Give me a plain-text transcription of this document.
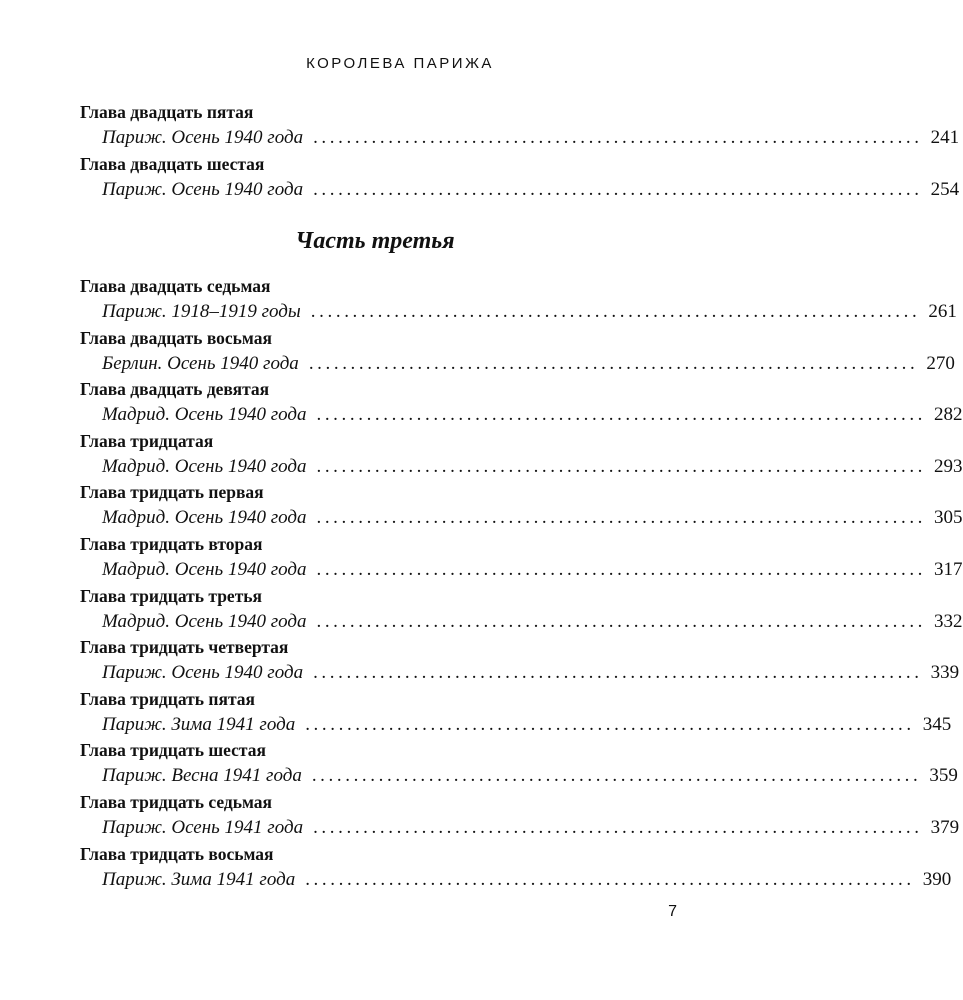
КОРОЛЕВА ПАРИЖА
Глава двадцать пятая
Париж. Осень 1940 года ......................................................................... 241
Глава двадцать шестая
Париж. Осень 1940 года ......................................................................... 254
Часть третья
Глава двадцать седьмая
Париж. 1918–1919 годы ......................................................................... 261
Глава двадцать восьмая
Берлин. Осень 1940 года ......................................................................... 270
Глава двадцать девятая
Мадрид. Осень 1940 года ......................................................................... 282
Глава тридцатая
Мадрид. Осень 1940 года ......................................................................... 293
Глава тридцать первая
Мадрид. Осень 1940 года ......................................................................... 305
Глава тридцать вторая
Мадрид. Осень 1940 года ......................................................................... 317
Глава тридцать третья
Мадрид. Осень 1940 года ......................................................................... 332
Глава тридцать четвертая
Париж. Осень 1940 года ......................................................................... 339
Глава тридцать пятая
Париж. Зима 1941 года ......................................................................... 345
Глава тридцать шестая
Париж. Весна 1941 года ......................................................................... 359
Глава тридцать седьмая
Париж. Осень 1941 года ......................................................................... 379
Глава тридцать восьмая
Париж. Зима 1941 года ......................................................................... 390
7
